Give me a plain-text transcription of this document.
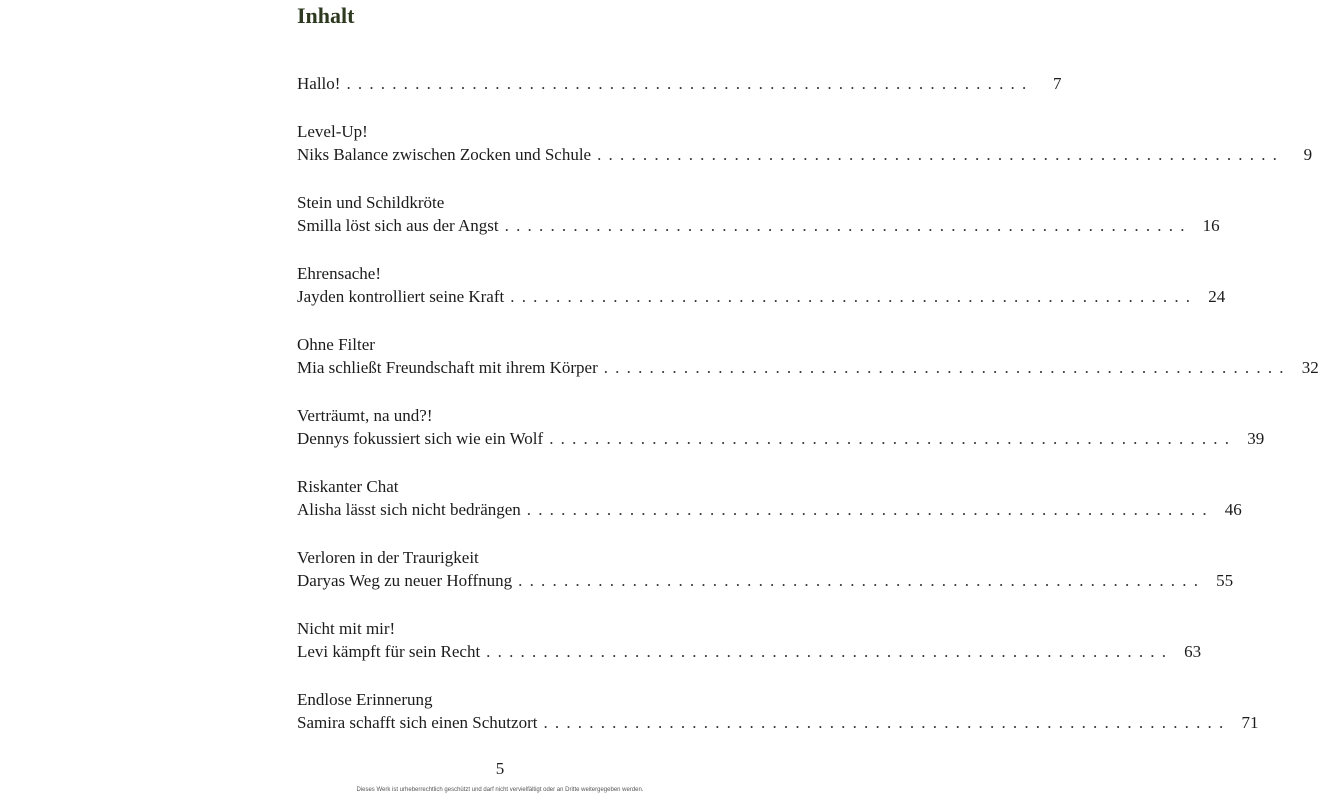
Inhalt
Hallo! ............................................................	7
Level-Up!
Niks Balance zwischen Zocken und Schule ............................................................	9
Stein und Schildkröte
Smilla löst sich aus der Angst ............................................................ 16
Ehrensache!
Jayden kontrolliert seine Kraft ............................................................ 24
Ohne Filter
Mia schließt Freundschaft mit ihrem Körper ............................................................ 32
Verträumt, na und?!
Dennys fokussiert sich wie ein Wolf ............................................................ 39
Riskanter Chat
Alisha lässt sich nicht bedrängen ............................................................ 46
Verloren in der Traurigkeit
Daryas Weg zu neuer Hoffnung ............................................................ 55
Nicht mit mir!
Levi kämpft für sein Recht ............................................................ 63
Endlose Erinnerung
Samira schafft sich einen Schutzort ............................................................ 71
5
Dieses Werk ist urheberrechtlich geschützt und darf nicht vervielfältigt oder an Dritte weitergegeben werden.
